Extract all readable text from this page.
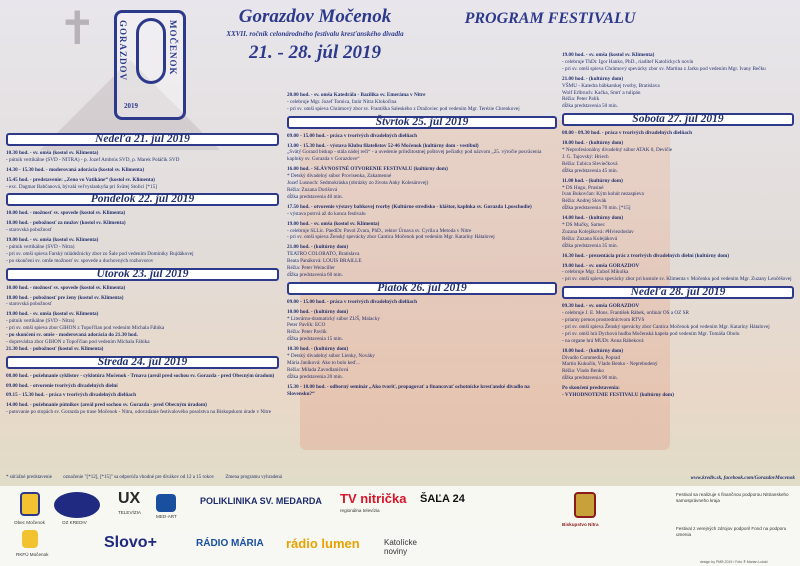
✝ GORAZDOV	MOČENOK
2019
Gorazdov Močenok
XXVII. ročník celonárodného festivalu kresťanského divadla
21. - 28. júl 2019
PROGRAM FESTIVALU
Nedeľa 21. júl 2019

10.30 hod. - sv. omša (kostol sv. Klimenta)

- pútnik vertikálne (SVD - NITRA) - p. Jozef Ambrús SVD, p. Marek Poláčik SVD

14.30 - 15.30 hod. - moderovaná adorácia (kostol sv. Klimenta)

15.45 hod. - predstavenie: „Zeno vo Vatikáne“ (kostol sv. Klimenta)

- exc. Dagmar Babčanová, bývalá veľvyslankyňa pri Svätej Stolici [*15]

Pondelok 22. júl 2019

10.00 hod. - možnosť sv. spovede (kostol sv. Klimenta)

18.00 hod. - pobožnosť za mužov (kostol sv. Klimenta)

- starovská pobožnosť

19.00 hod. - sv. omša (kostol sv. Klimenta)

- pútnik vertikálne (SVD - Nitra)

- pri sv. omši spieva Farský mládežnícky zbor zo Šale pod vedením Dominiky Bujdákovej

- po skončení sv. omše možnosť sv. spovede a duchovných rozhovorov

Utorok 23. júl 2019

10.00 hod. - možnosť sv. spovede (kostol sv. Klimenta)

18.00 hod. - pobožnosť pre ženy (kostol sv. Klimenta)

- starovská pobožnosť

19.00 hod. - sv. omša (kostol sv. Klimenta)

- pútnik vertikálne (SVD - Nitra)

- pri sv. omši spieva zbor GIHON z Topoľčian pod vedením Michala Fábika

- po skončení sv. omše - moderovaná adorácia do 21.30 hod.

- doprevádza zbor GIHON z Topoľčian pod vedením Michala Fábika

21.30 hod. - pobožnosť (kostol sv. Klimenta)

Streda 24. júl 2019

08.00 hod. - požehnanie cyklistov - cyklotúra Močenok - Trnava (areál pred sochou sv. Gorazda - pred Obecným úradom)

09.00 hod. - otvorenie tvorivých divadelných dielní

09.15 - 15.30 hod. - práca v tvorivých divadelných dielňach

14.00 hod. - požehnanie pútnikov (areál pred sochou sv. Gorazda - pred Obecným úradom)

- putovanie po stopách sv. Gorazda po trase Močenok - Nitra, odovzdanie festivalového posolstva na Biskupskom úrade v Nitre

20.00 hod. - sv. omša Katedrála - Bazilika sv. Emeráma v Nitre

- celebruje Mgr. Jozef Tomica, farár Nitra Klokočina

- pri sv. omši spieva Chrámový zbor sv. Františka Saleského z Dražoviec pod vedením Mgr. Terézie Chrenkovej

Štvrtok 25. júl 2019

09.00 - 15.00 hod. - práca v tvorivých divadelných dielňach

13.00 - 15.30 hod. - výstava Klubu filatelistov 52-46 Močenok (kultúrny dom - vestibul)

„Svätý Gorazd biskup - stála nádej reči“ - a uvedenie príležitostnej poštovej pečiatky pod názvom „25. výročie posväcenia kaplnky sv. Gorazda v Gorazdove“

16.00 hod. - SLÁVNOSTNÉ OTVORENIE FESTIVALU (kultúrny dom)

* Detský divadelný súbor Provisenka, Zakamenné

Jozef Lusnoch: Sedmokráska (obrázky zo života Anky Kolesárovej)

Réžia: Zuzana Dorišová

dĺžka predstavenia 40 min.

17.50 hod. - otvorenie výstavy babkovej tvorby (Kultúrne stredisko - kláštor, kaplnka sv. Gorazda 1.poschodie)

- výstava potrvá až do konca festivalu

19.00 hod. - sv. omša (kostol sv. Klimenta)

- celebruje SLLic. PaedDr. Pavol Zvara, PhD., rektor Úrnava sv. Cyrila a Metoda v Nitre

- pri sv. omši spieva Ženský spevácky zbor Cantica Močenok pod vedením Mgr. Kataríny Hátalovej

21.00 hod. - (kultúrny dom)

TEATRO COLORATO, Bratislava

Beata Panáková: LOUIS BRAILLE

Réžia: Peter Weinciller

dĺžka predstavenia 60 min.

Piatok 26. júl 2019

09.00 - 15.00 hod. - práca v tvorivých divadelných dielňach

10.00 hod. - (kultúrny dom)

* Literárno-dramatický súbor ZUŠ, Malacky

Peter Pavlík: ECO

Réžia: Peter Pavlík

dĺžka predstavenia 15 min.

10.30 hod. - (kultúrny dom)

* Detský divadelný súbor Lienky, Nováky

Mária Janíková: Ako to bolo keď...

Réžia: Milada Zavodlaničová

dĺžka predstavenia 20 min.

15.30 - 18.00 hod. - odborný seminár „Ako tvoriť, propagovať a financovať ochotnícke kresťanské divadlo na Slovensku?“

19.00 hod. - sv. omša (kostol sv. Klimenta)

- celebruje ThDr. Igor Hanko, PhD., riaditeľ Katolíckych novín

- pri sv. omši spieva Chrámový spevácky zbor sv. Martina z Jarku pod vedením Mgr. Ivany Bečku

21.00 hod. - (kultúrny dom)

VŠMU - Katedra bábkarskej tvorby, Bratislava

Wolf Erlbruch: Kačka, Smrť a tulipán

Réžia: Peter Palík

dĺžka predstavenia 50 min.

Sobota 27. júl 2019

08.00 - 09.30 hod. - práca v tvorivých divadelných dielňach

10.00 hod. - (kultúrny dom)

* Neprofesionálny divadelný súbor ATAK 0, Devičie

J. G. Tajovský: Hriech

Réžia: Ľubica Sleviečková

dĺžka predstavenia 45 min.

11.00 hod. - (kultúrny dom)

* DS Hugo, Prusiné

Ivan Bukovčan: Kým kohút nezaspieva

Réžia: Andrej Slovák

dĺžka predstavenia 70 min. [*15]

14.00 hod. - (kultúrny dom)

* DS Mučky, Sarnec

Zuzana Kolejáková: #Hviezdoslav

Réžia: Zuzana Kolejáková

dĺžka predstavenia 35 min.

16.30 hod. - prezentácia prác z tvorivých divadelných dielní (kultúrny dom)

19.00 hod. - sv. omša GORAZDOV

- celebruje Mgr. Ľuboš Mikulka

- pri sv. omši spieva spevácky zbor pri kostole sv. Klimenta v Močenku pod vedením Mgr. Zuzany Lenčéšovej

Nedeľa 28. júl 2019

09.30 hod. - sv. omša GORAZDOV

- celebruje J. E. Mons. František Rábek, ordinár OS a OZ SR

- priamy prenos prostredníctvom RTVS

- pri sv. omši spieva Ženský spevácky zbor Cantica Močenok pod vedením Mgr. Kataríny Hátalovej

- pri sv. omši hrá Dychová hudba Močenská kapela pod vedením Mgr. Tomáša Obolu

- na organe hrá MUDr. Anna Rábeková

18.00 hod. - (kultúrny dom)

Divadlo Commedia, Poprad

Martin Kukučín, Vlado Benko - Neprebudený

Réžia: Vlado Benko

dĺžka predstavenia 90 min.

Po skončení predstavenia:

- VYHODNOTENIE FESTIVALU (kultúrny dom)

* súťažné predstavenie označenie "[*12], [*15]" sa odporúča vhodné pre divákov od 12 a 15 rokov Zmena programu vyhradená	www.krediv.sk, facebook.com/GorazdovMocenok
Obec Močenok	OZ KREDIV
UX
TELEVÍZIA
MED-ART
POLIKLINIKA SV. MEDARDA TV nitrička
regionálna televízia
ŠAĽA 24
Slovo+	RÁDIO MÁRIA rádio lumen	Katolícke noviny
Biskupstvo Nitra
Festival sa realizuje s finančnou podporou Nitrianskeho samosprávneho kraja
Festival z verejných zdrojov podporil Fond na podporu umenia
RKFÚ Močenok
design by PMB 2019 / Foto ® Marian Lukáč
